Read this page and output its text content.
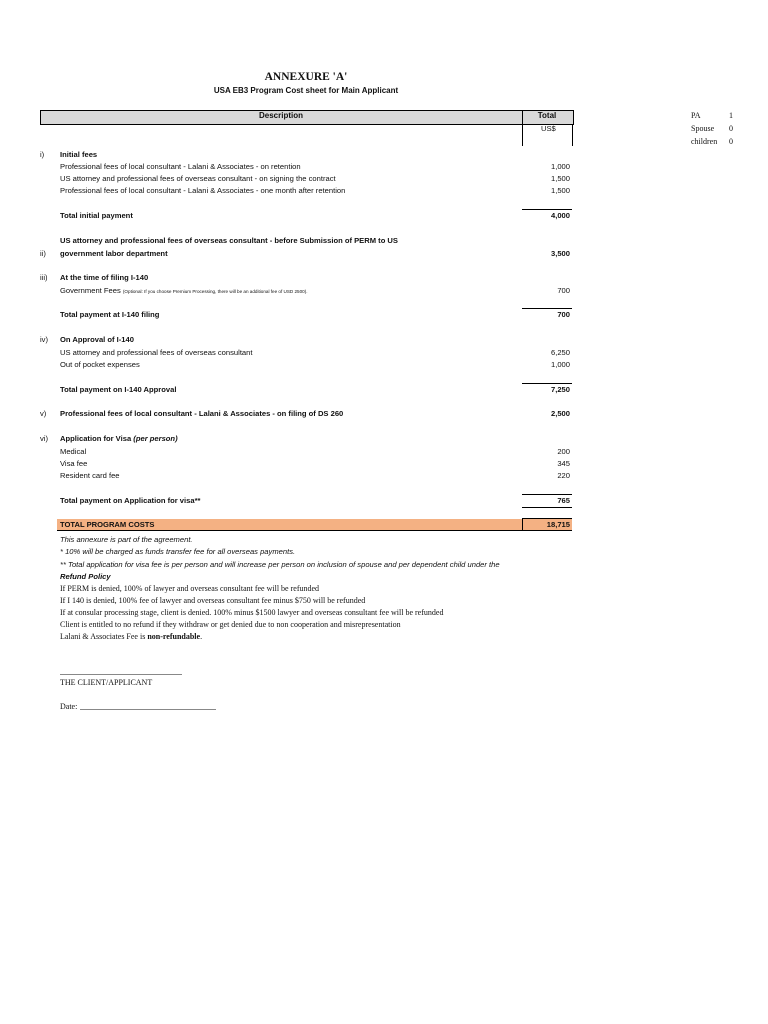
ANNEXURE 'A'
USA EB3 Program Cost sheet for Main Applicant
Description	Total
US$
PA	1
Spouse 0
children 0
i) Initial fees
Professional fees of local consultant - Lalani & Associates - on retention	1,000
US attorney and professional fees of overseas consultant - on signing the contract	1,500
Professional fees of local consultant - Lalani & Associates - one month after retention	1,500
Total initial payment	4,000
US attorney and professional fees of overseas consultant - before Submission of PERM to US
ii) government labor department	3,500
iii) At the time of filing I-140
Government Fees (Optional: If you choose Premium Processing, there will be an additional fee of USD 2500).	700
Total payment at I-140 filing	700
iv) On Approval of I-140
US attorney and professional fees of overseas consultant	6,250
Out of pocket expenses	1,000
Total payment on I-140 Approval	7,250
v) Professional fees of local consultant - Lalani & Associates - on filing of DS 260	2,500
vi) Application for Visa (per person)
Medical	200
Visa fee	345
Resident card fee	220
Total payment on Application for visa**	765
TOTAL PROGRAM COSTS	18,715
This annexure is part of the agreement.
* 10% will be charged as funds transfer fee for all overseas payments.
** Total application for visa fee is per person and will increase per person on inclusion of spouse and per dependent child under the
Refund Policy
If PERM is denied, 100% of lawyer and overseas consultant fee will be refunded
If I 140 is denied, 100% fee of lawyer and overseas consultant fee minus $750 will be refunded
If at consular processing stage, client is denied. 100% minus $1500 lawyer and overseas consultant fee will be refunded
Client is entitled to no refund if they withdraw or get denied due to non cooperation and misrepresentation
Lalani & Associates Fee is non-refundable.
THE CLIENT/APPLICANT
Date:
